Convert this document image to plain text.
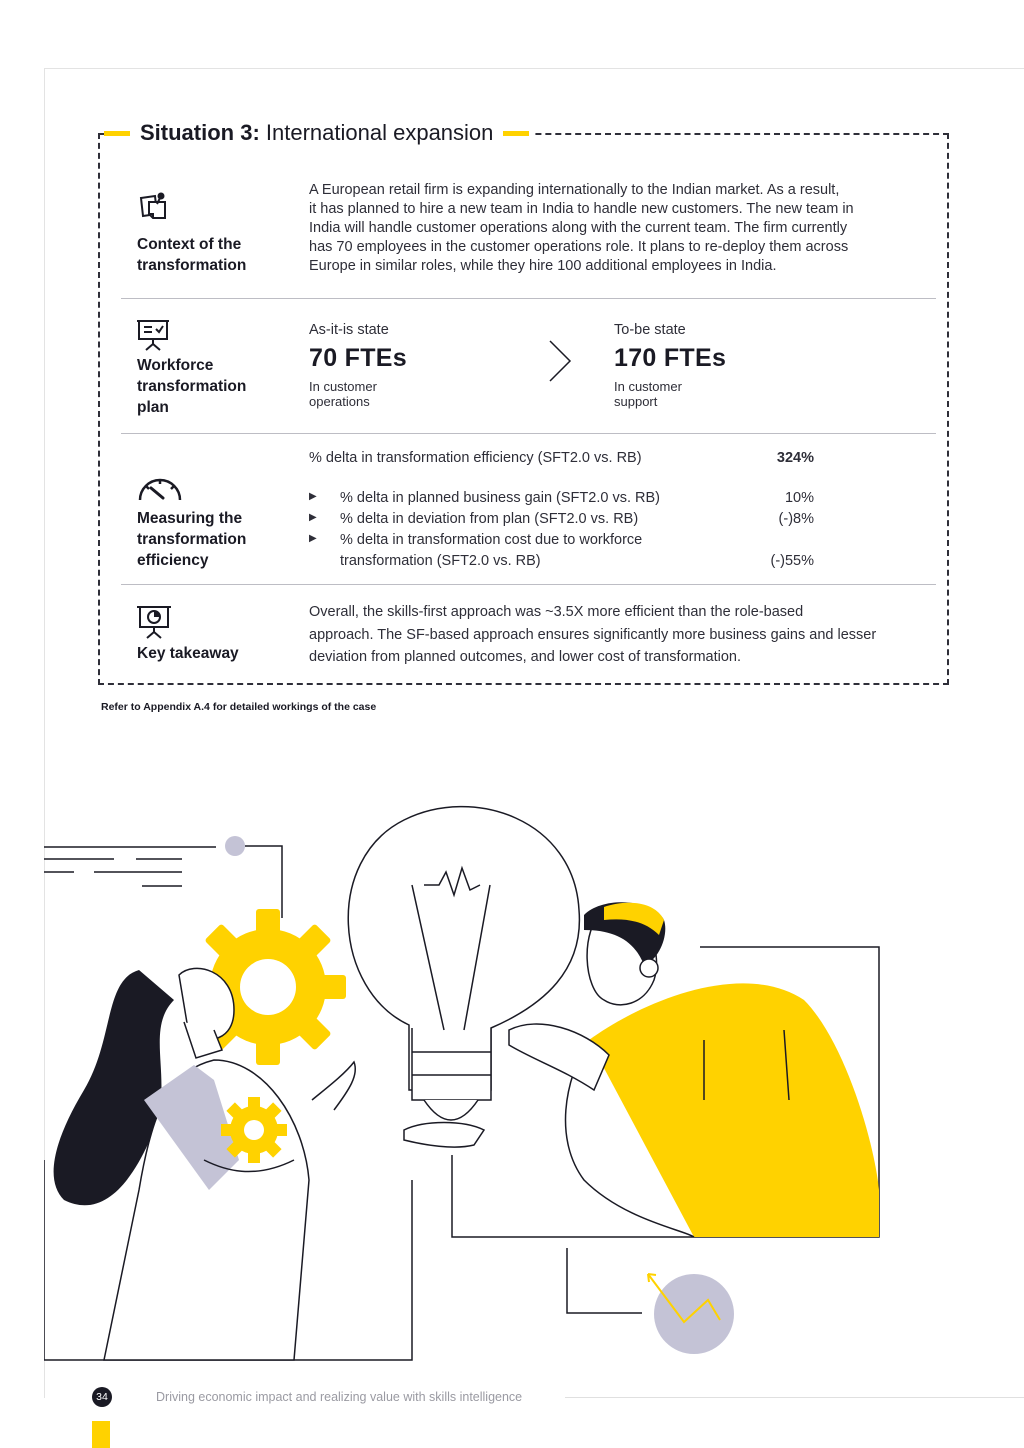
Situation 3: International expansion
Context of the
transformation
A European retail firm is expanding internationally to the Indian market. As a result,
it has planned to hire a new team in India to handle new customers. The new team in
India will handle customer operations along with the current team. The firm currently
has 70 employees in the customer operations role. It plans to re-deploy them across
Europe in similar roles, while they hire 100 additional employees in India.
Workforce
transformation
plan
As-it-is state
70 FTEs
In customer
operations
To-be state
170 FTEs
In customer
support
Measuring the
transformation
efficiency
% delta in transformation efficiency (SFT2.0 vs. RB)	324%
▶ % delta in planned business gain (SFT2.0 vs. RB)	10%
▶ % delta in deviation from plan (SFT2.0 vs. RB)	(-)8%
▶ % delta in transformation cost due to workforce
transformation (SFT2.0 vs. RB)	(-)55%
Key takeaway
Overall, the skills-first approach was ~3.5X more efficient than the role-based
approach. The SF-based approach ensures significantly more business gains and lesser
deviation from planned outcomes, and lower cost of transformation.
Refer to Appendix A.4 for detailed workings of the case
34	Driving economic impact and realizing value with skills intelligence
